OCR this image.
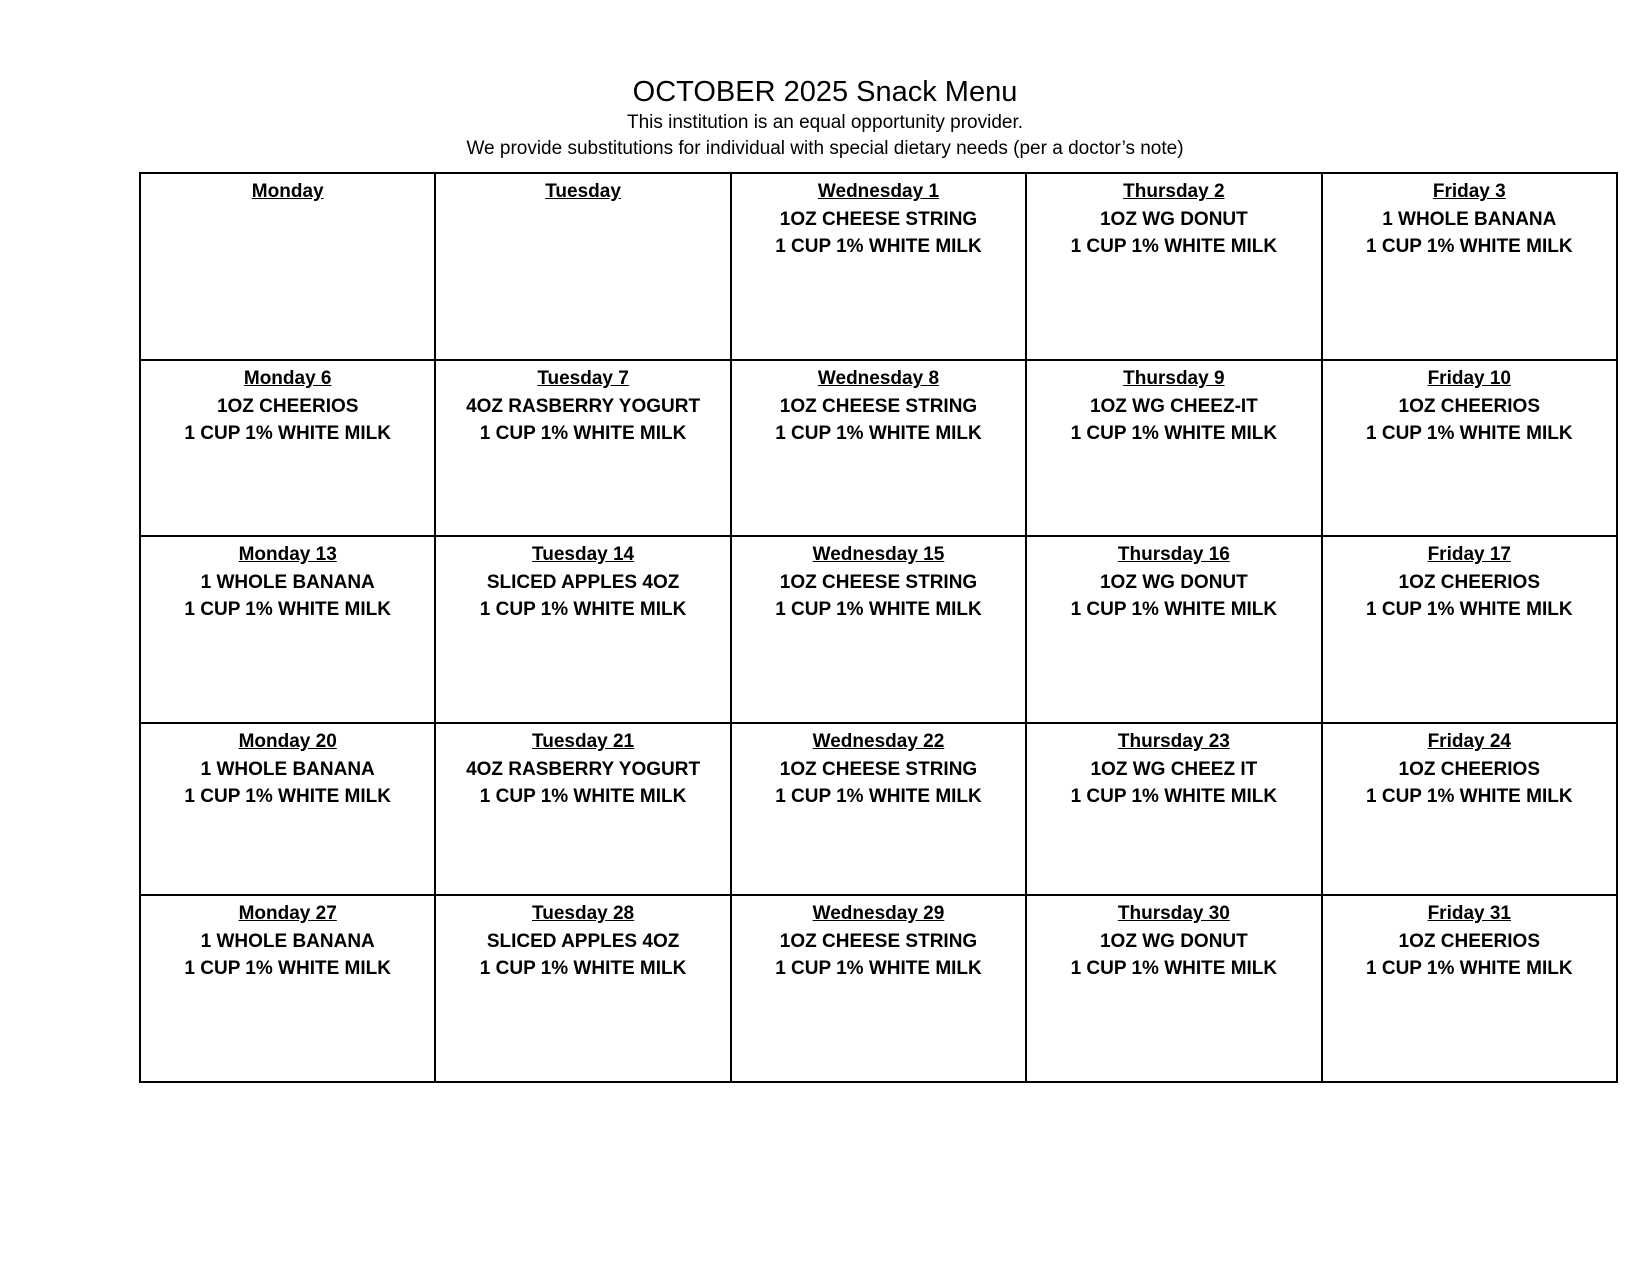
OCTOBER 2025 Snack Menu
This institution is an equal opportunity provider.
We provide substitutions for individual with special dietary needs (per a doctor’s note)
Monday	Tuesday	Wednesday 1
1OZ CHEESE STRING
1 CUP 1% WHITE MILK	Thursday 2
1OZ WG DONUT
1 CUP 1% WHITE MILK	Friday 3
1 WHOLE BANANA
1 CUP 1% WHITE MILK

Monday 6
1OZ CHEERIOS
1 CUP 1% WHITE MILK	Tuesday 7
4OZ RASBERRY YOGURT
1 CUP 1% WHITE MILK	Wednesday 8
1OZ CHEESE STRING
1 CUP 1% WHITE MILK	Thursday 9
1OZ WG CHEEZ-IT
1 CUP 1% WHITE MILK	Friday 10
1OZ CHEERIOS
1 CUP 1% WHITE MILK

Monday 13
1 WHOLE BANANA
1 CUP 1% WHITE MILK	Tuesday 14
SLICED APPLES 4OZ
1 CUP 1% WHITE MILK	Wednesday 15
1OZ CHEESE STRING
1 CUP 1% WHITE MILK	Thursday 16
1OZ WG DONUT
1 CUP 1% WHITE MILK	Friday 17
1OZ CHEERIOS
1 CUP 1% WHITE MILK

Monday 20
1 WHOLE BANANA
1 CUP 1% WHITE MILK	Tuesday 21
4OZ RASBERRY YOGURT
1 CUP 1% WHITE MILK	Wednesday 22
1OZ CHEESE STRING
1 CUP 1% WHITE MILK	Thursday 23
1OZ WG CHEEZ IT
1 CUP 1% WHITE MILK	Friday 24
1OZ CHEERIOS
1 CUP 1% WHITE MILK

Monday 27
1 WHOLE BANANA
1 CUP 1% WHITE MILK	Tuesday 28
SLICED APPLES 4OZ
1 CUP 1% WHITE MILK	Wednesday 29
1OZ CHEESE STRING
1 CUP 1% WHITE MILK	Thursday 30
1OZ WG DONUT
1 CUP 1% WHITE MILK	Friday 31
1OZ CHEERIOS
1 CUP 1% WHITE MILK
